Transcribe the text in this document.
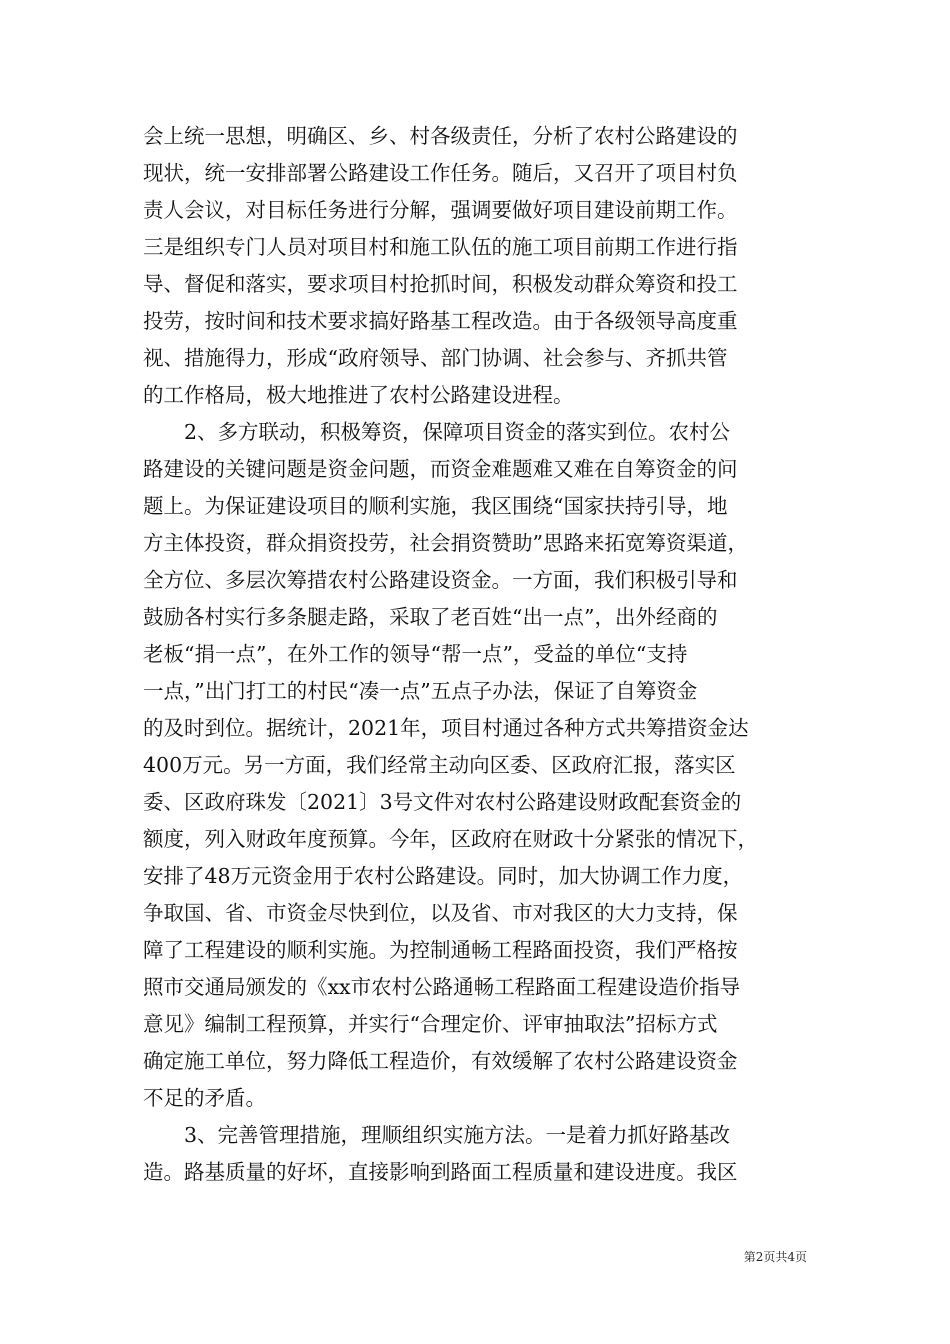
会上统一思想，明确区、乡、村各级责任，分析了农村公路建设的
现状，统一安排部署公路建设工作任务。随后，又召开了项目村负
责人会议，对目标任务进行分解，强调要做好项目建设前期工作。
三是组织专门人员对项目村和施工队伍的施工项目前期工作进行指
导、督促和落实，要求项目村抢抓时间，积极发动群众筹资和投工
投劳，按时间和技术要求搞好路基工程改造。由于各级领导高度重
视、措施得力，形成“政府领导、部门协调、社会参与、齐抓共管
的工作格局，极大地推进了农村公路建设进程。
2、多方联动，积极筹资，保障项目资金的落实到位。农村公
路建设的关键问题是资金问题，而资金难题难又难在自筹资金的问
题上。为保证建设项目的顺利实施，我区围绕“国家扶持引导，地
方主体投资，群众捐资投劳，社会捐资赞助”思路来拓宽筹资渠道，
全方位、多层次筹措农村公路建设资金。一方面，我们积极引导和
鼓励各村实行多条腿走路，采取了老百姓“出一点”，出外经商的
老板“捐一点”，在外工作的领导“帮一点”，受益的单位“支持
一点，”出门打工的村民“凑一点”五点子办法，保证了自筹资金
的及时到位。据统计，2021年，项目村通过各种方式共筹措资金达
400万元。另一方面，我们经常主动向区委、区政府汇报，落实区
委、区政府珠发〔2021〕3号文件对农村公路建设财政配套资金的
额度，列入财政年度预算。今年，区政府在财政十分紧张的情况下，
安排了48万元资金用于农村公路建设。同时，加大协调工作力度，
争取国、省、市资金尽快到位，以及省、市对我区的大力支持，保
障了工程建设的顺利实施。为控制通畅工程路面投资，我们严格按
照市交通局颁发的《xx市农村公路通畅工程路面工程建设造价指导
意见》编制工程预算，并实行“合理定价、评审抽取法”招标方式
确定施工单位，努力降低工程造价，有效缓解了农村公路建设资金
不足的矛盾。
3、完善管理措施，理顺组织实施方法。一是着力抓好路基改
造。路基质量的好坏，直接影响到路面工程质量和建设进度。我区
第2页共4页
